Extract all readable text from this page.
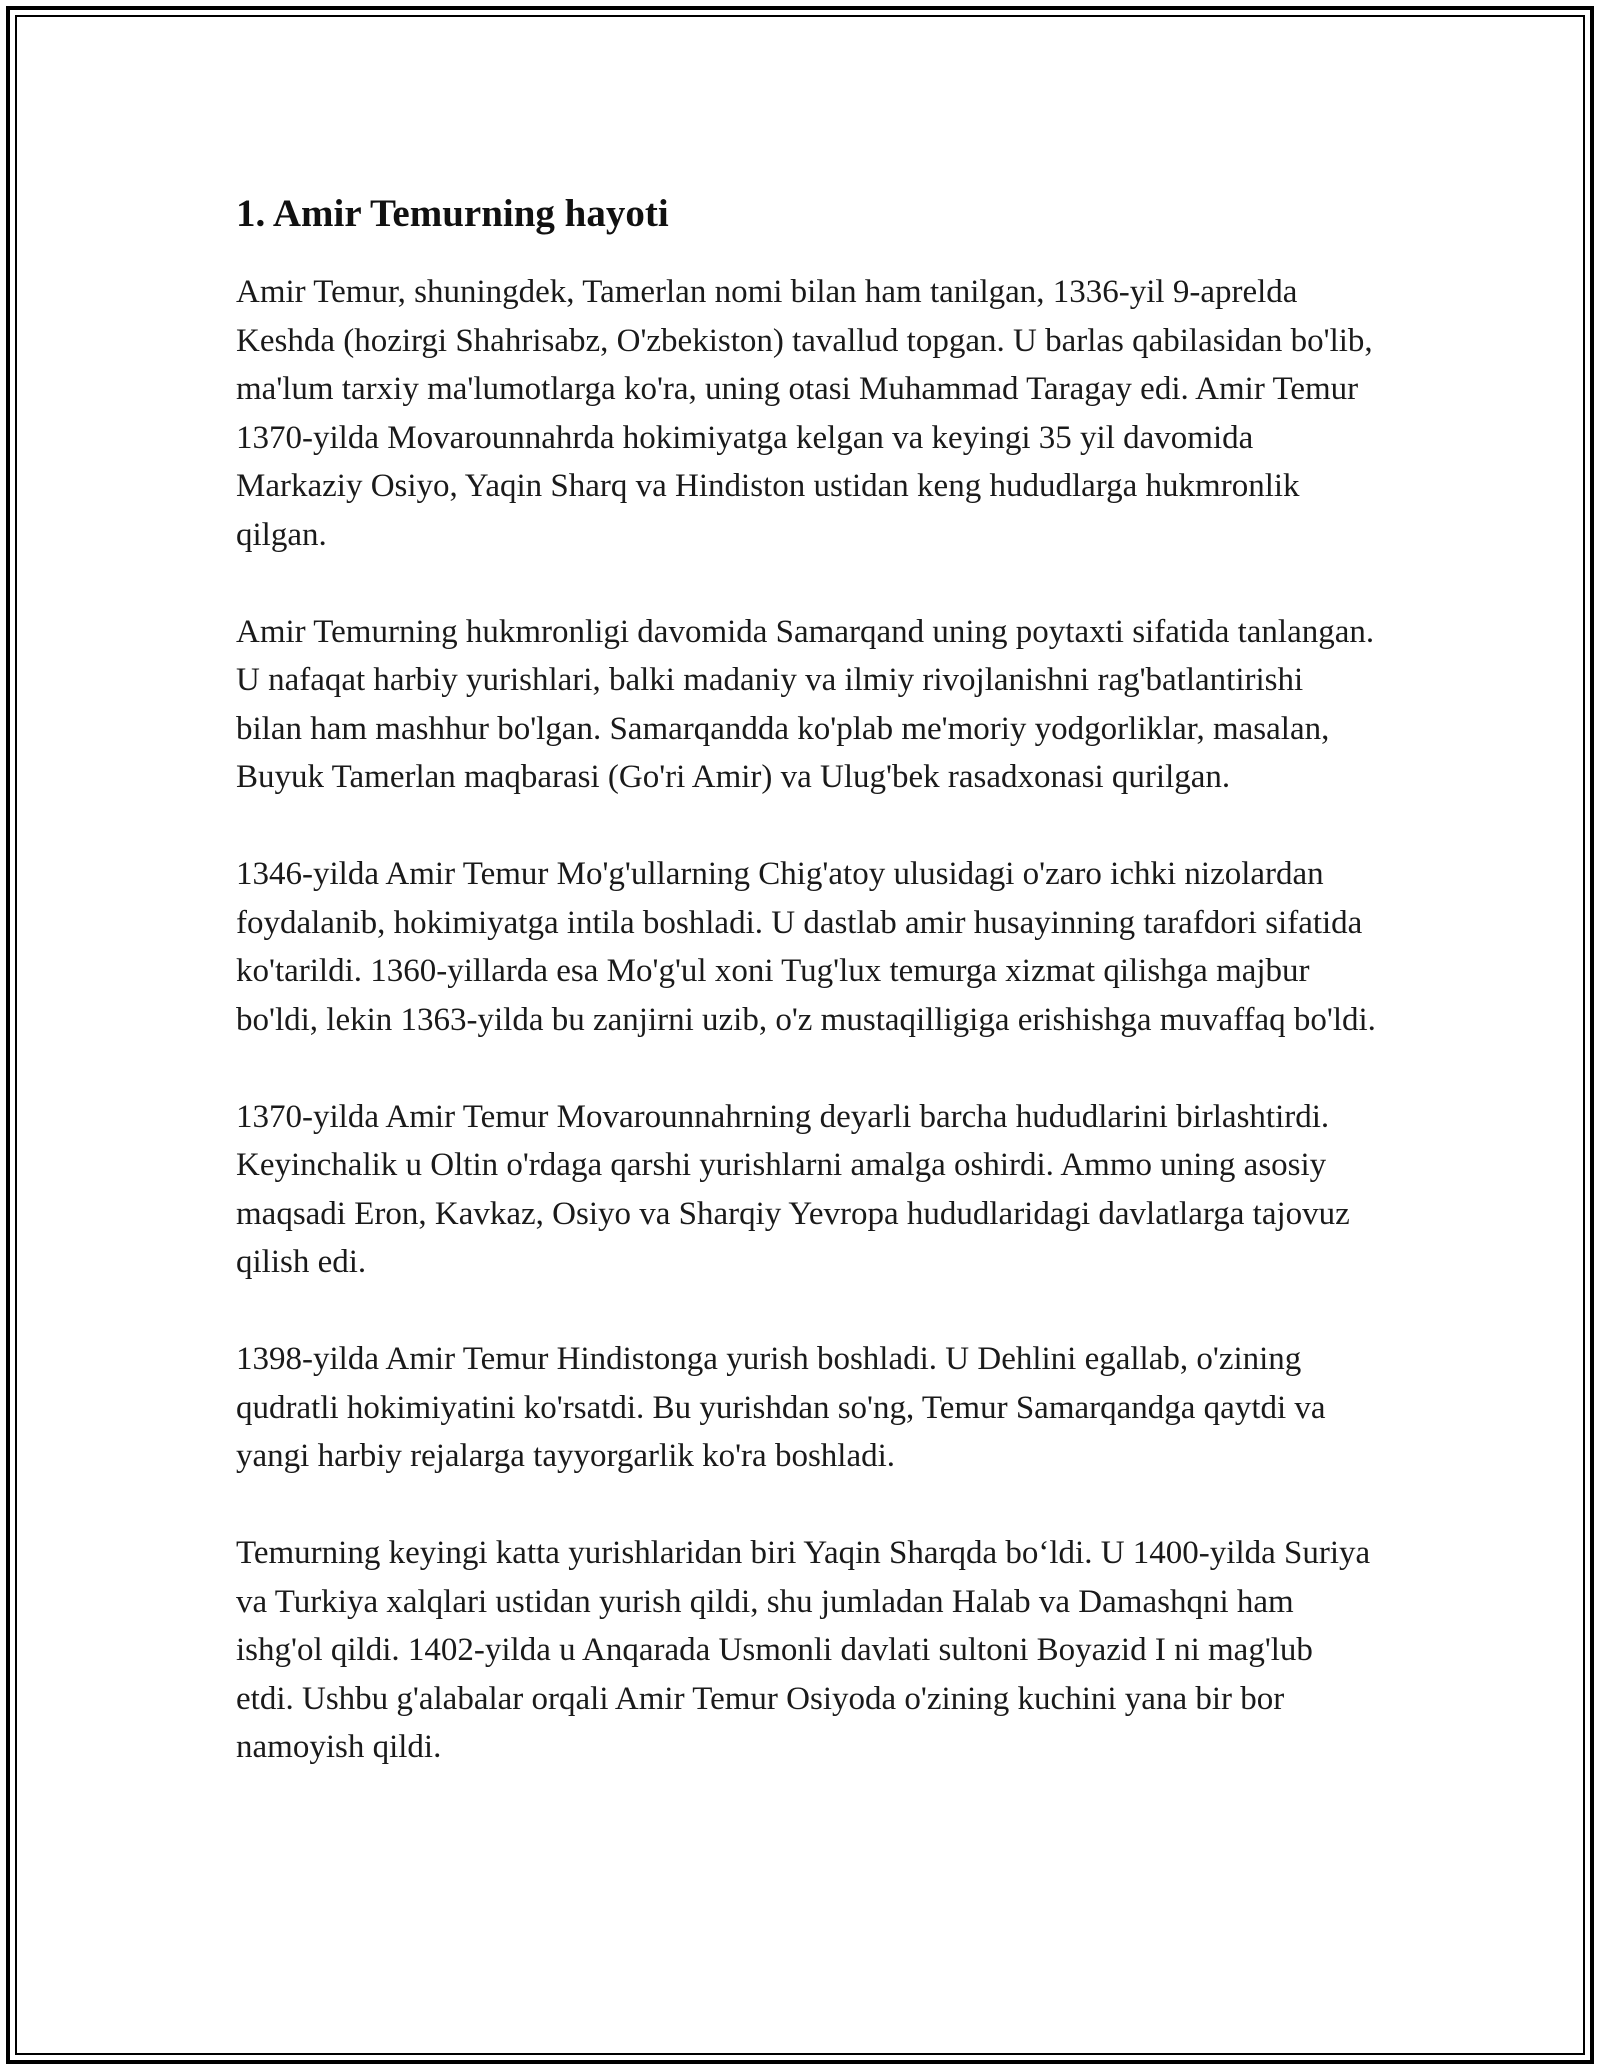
1. Amir Temurning hayoti

Amir Temur, shuningdek, Tamerlan nomi bilan ham tanilgan, 1336-yil 9-aprelda Keshda (hozirgi Shahrisabz, O'zbekiston) tavallud topgan. U barlas qabilasidan bo'lib, ma'lum tarxiy ma'lumotlarga ko'ra, uning otasi Muhammad Taragay edi. Amir Temur 1370-yilda Movarounnahrda hokimiyatga kelgan va keyingi 35 yil davomida Markaziy Osiyo, Yaqin Sharq va Hindiston ustidan keng hududlarga hukmronlik qilgan.

Amir Temurning hukmronligi davomida Samarqand uning poytaxti sifatida tanlangan. U nafaqat harbiy yurishlari, balki madaniy va ilmiy rivojlanishni rag'batlantirishi bilan ham mashhur bo'lgan. Samarqandda ko'plab me'moriy yodgorliklar, masalan, Buyuk Tamerlan maqbarasi (Go'ri Amir) va Ulug'bek rasadxonasi qurilgan.

1346-yilda Amir Temur Mo'g'ullarning Chig'atoy ulusidagi o'zaro ichki nizolardan foydalanib, hokimiyatga intila boshladi. U dastlab amir husayinning tarafdori sifatida ko'tarildi. 1360-yillarda esa Mo'g'ul xoni Tug'lux temurga xizmat qilishga majbur bo'ldi, lekin 1363-yilda bu zanjirni uzib, o'z mustaqilligiga erishishga muvaffaq bo'ldi.

1370-yilda Amir Temur Movarounnahrning deyarli barcha hududlarini birlashtirdi. Keyinchalik u Oltin o'rdaga qarshi yurishlarni amalga oshirdi. Ammo uning asosiy maqsadi Eron, Kavkaz, Osiyo va Sharqiy Yevropa hududlaridagi davlatlarga tajovuz qilish edi.

1398-yilda Amir Temur Hindistonga yurish boshladi. U Dehlini egallab, o'zining qudratli hokimiyatini ko'rsatdi. Bu yurishdan so'ng, Temur Samarqandga qaytdi va yangi harbiy rejalarga tayyorgarlik ko'ra boshladi.

Temurning keyingi katta yurishlaridan biri Yaqin Sharqda bo‘ldi. U 1400-yilda Suriya va Turkiya xalqlari ustidan yurish qildi, shu jumladan Halab va Damashqni ham ishg'ol qildi. 1402-yilda u Anqarada Usmonli davlati sultoni Boyazid I ni mag'lub etdi. Ushbu g'alabalar orqali Amir Temur Osiyoda o'zining kuchini yana bir bor namoyish qildi.
